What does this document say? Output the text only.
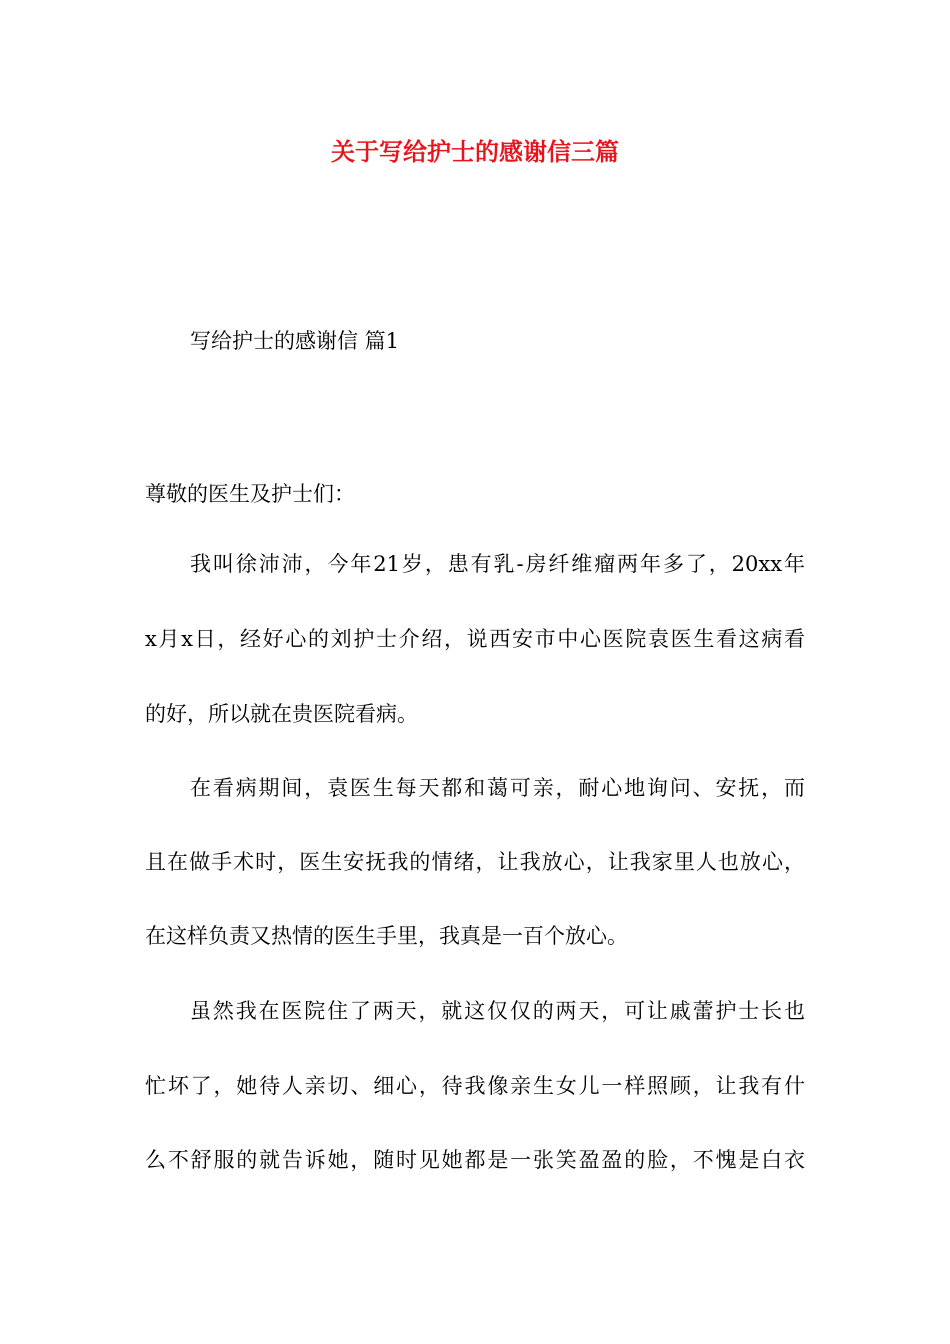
关于写给护士的感谢信三篇
写给护士的感谢信 篇1
尊敬的医生及护士们：
我叫徐沛沛，今年21岁，患有乳-房纤维瘤两年多了，20xx年
x月x日，经好心的刘护士介绍，说西安市中心医院袁医生看这病看
的好，所以就在贵医院看病。
在看病期间，袁医生每天都和蔼可亲，耐心地询问、安抚，而
且在做手术时，医生安抚我的情绪，让我放心，让我家里人也放心，
在这样负责又热情的医生手里，我真是一百个放心。
虽然我在医院住了两天，就这仅仅的两天，可让戚蕾护士长也
忙坏了，她待人亲切、细心，待我像亲生女儿一样照顾，让我有什
么不舒服的就告诉她，随时见她都是一张笑盈盈的脸，不愧是白衣
